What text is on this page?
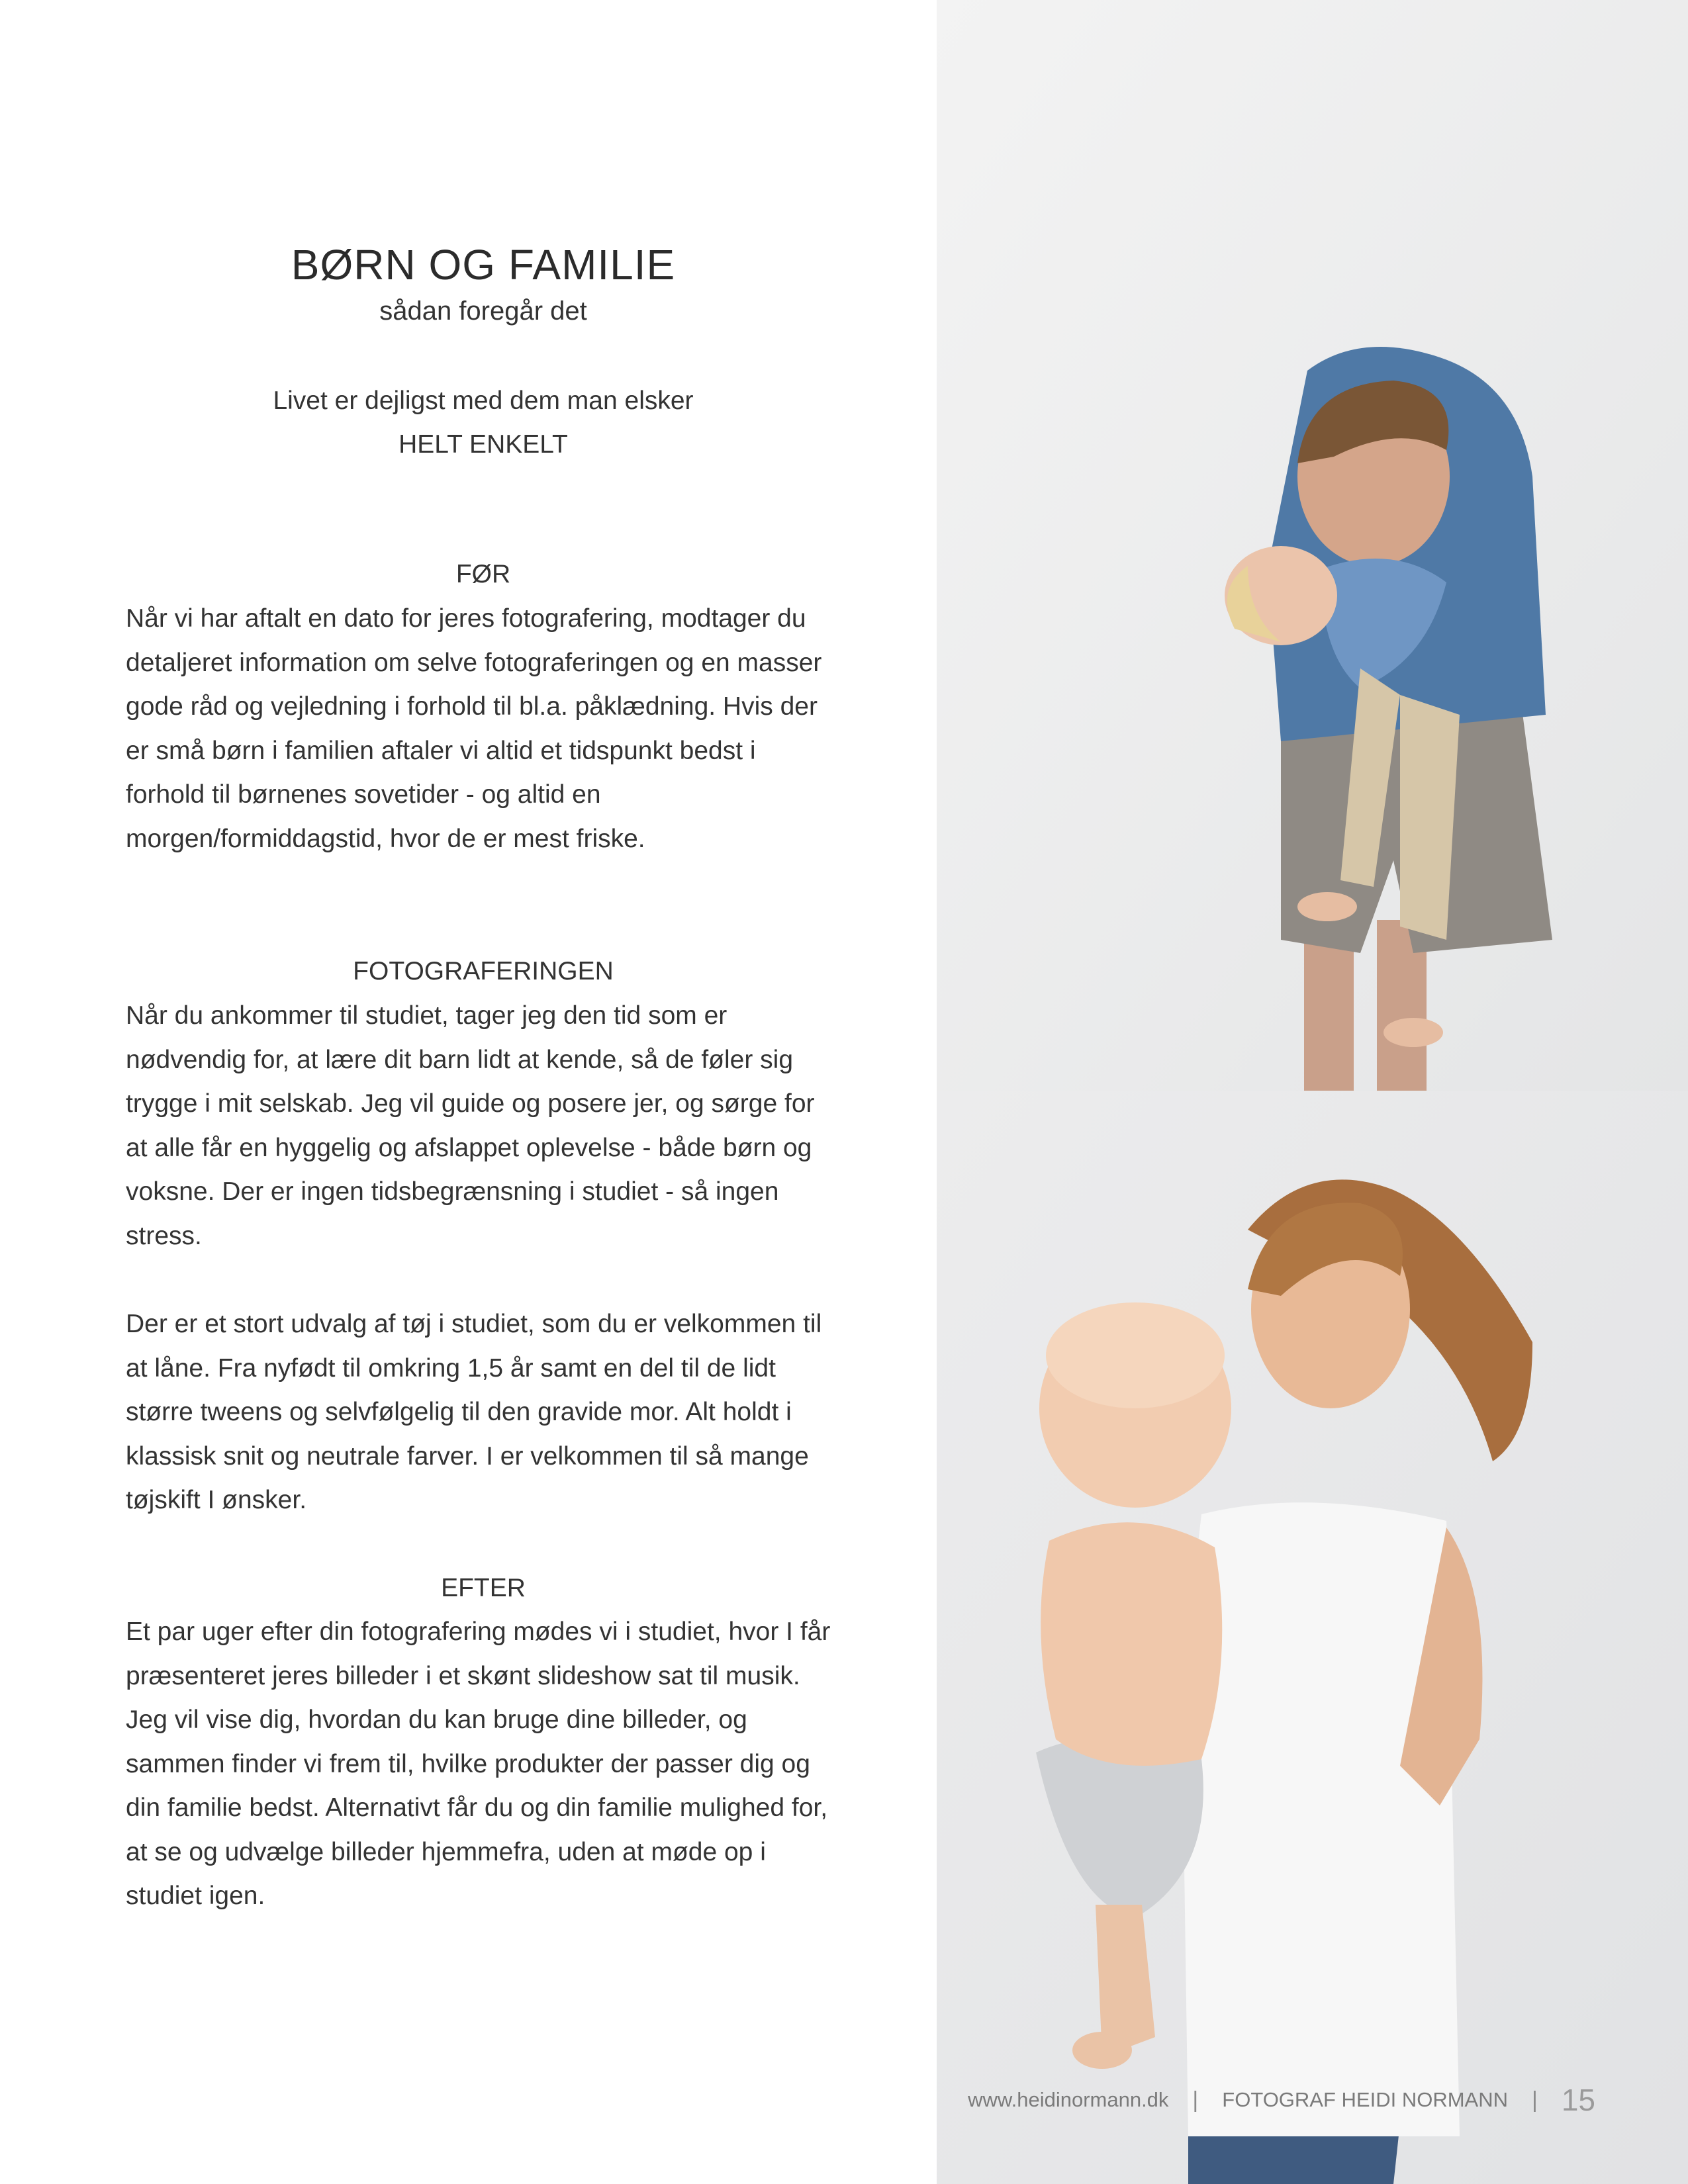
BØRN OG FAMILIE
sådan foregår det
Livet er dejligst med dem man elsker
HELT ENKELT
FØR

Når vi har aftalt en dato for jeres fotografering, modtager du detaljeret information om selve fotograferingen og en masser gode råd og vejledning i forhold til bl.a. påklædning. Hvis der er små børn i familien aftaler vi altid et tidspunkt bedst i forhold til børnenes sovetider - og altid en morgen/formiddagstid, hvor de er mest friske.

FOTOGRAFERINGEN

Når du ankommer til studiet, tager jeg den tid som er nødvendig for, at lære dit barn lidt at kende, så de føler sig trygge i mit selskab. Jeg vil guide og posere jer, og sørge for at alle får en hyggelig og afslappet oplevelse - både børn og voksne. Der er ingen tidsbegrænsning i studiet - så ingen stress.

Der er et stort udvalg af tøj i studiet, som du er velkommen til at låne. Fra nyfødt til omkring 1,5 år samt en del til de lidt større tweens og selvfølgelig til den gravide mor. Alt holdt i klassisk snit og neutrale farver. I er velkommen til så mange tøjskift I ønsker.

EFTER

Et par uger efter din fotografering mødes vi i studiet, hvor I får præsenteret jeres billeder i et skønt slideshow sat til musik. Jeg vil vise dig, hvordan du kan bruge dine billeder, og sammen finder vi frem til, hvilke produkter der passer dig og din familie bedst. Alternativt får du og din familie mulighed for, at se og udvælge billeder hjemmefra, uden at møde op i studiet igen.

www.heidinormann.dk | FOTOGRAF HEIDI NORMANN | 15
